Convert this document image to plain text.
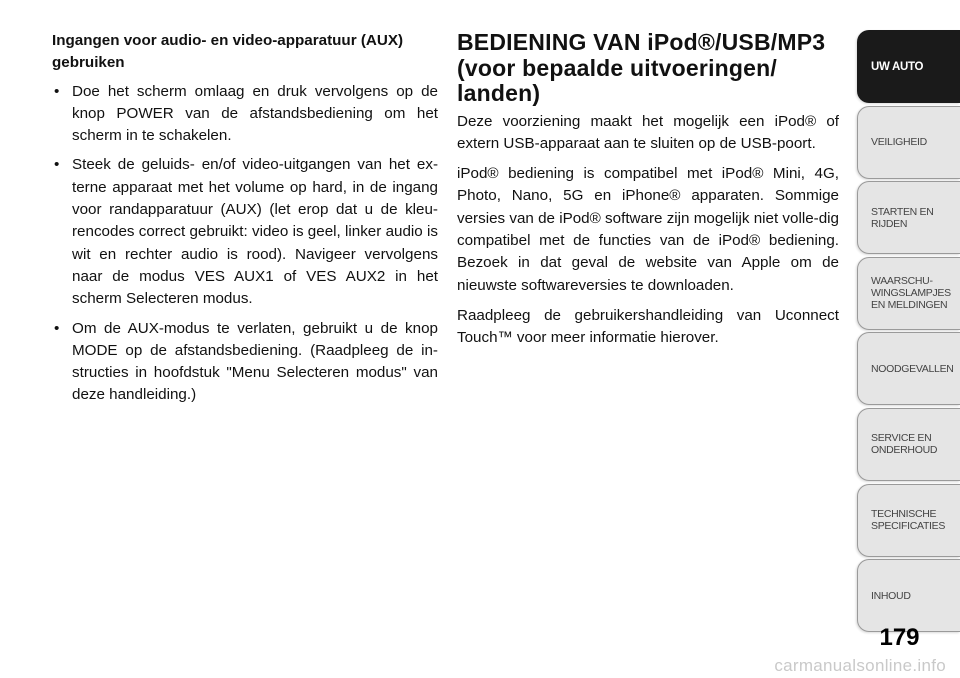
Ingangen voor audio- en video-apparatuur (AUX) gebruiken

• Doe het scherm omlaag en druk vervolgens op de knop POWER van de afstandsbediening om het scherm in te schakelen.
• Steek de geluids- en/of video-uitgangen van het ex-terne apparaat met het volume op hard, in de ingang voor randapparatuur (AUX) (let erop dat u de kleu-rencodes correct gebruikt: video is geel, linker audio is wit en rechter audio is rood). Navigeer vervolgens naar de modus VES AUX1 of VES AUX2 in het scherm Selecteren modus.
• Om de AUX-modus te verlaten, gebruikt u de knop MODE op de afstandsbediening. (Raadpleeg de in-structies in hoofdstuk "Menu Selecteren modus" van deze handleiding.)
BEDIENING VAN iPod®/USB/MP3 (voor bepaalde uitvoeringen/ landen)

Deze voorziening maakt het mogelijk een iPod® of extern USB-apparaat aan te sluiten op de USB-poort.

iPod® bediening is compatibel met iPod® Mini, 4G, Photo, Nano, 5G en iPhone® apparaten. Sommige versies van de iPod® software zijn mogelijk niet volle-dig compatibel met de functies van de iPod® bediening. Bezoek in dat geval de website van Apple om de nieuwste softwareversies te downloaden.

Raadpleeg de gebruikershandleiding van Uconnect Touch™ voor meer informatie hierover.

UW AUTO
VEILIGHEID
STARTEN EN
RIJDEN
WAARSCHU-
WINGSLAMPJES
EN MELDINGEN
NOODGEVALLEN
SERVICE EN
ONDERHOUD
TECHNISCHE
SPECIFICATIES
INHOUD
179
carmanualsonline.info
